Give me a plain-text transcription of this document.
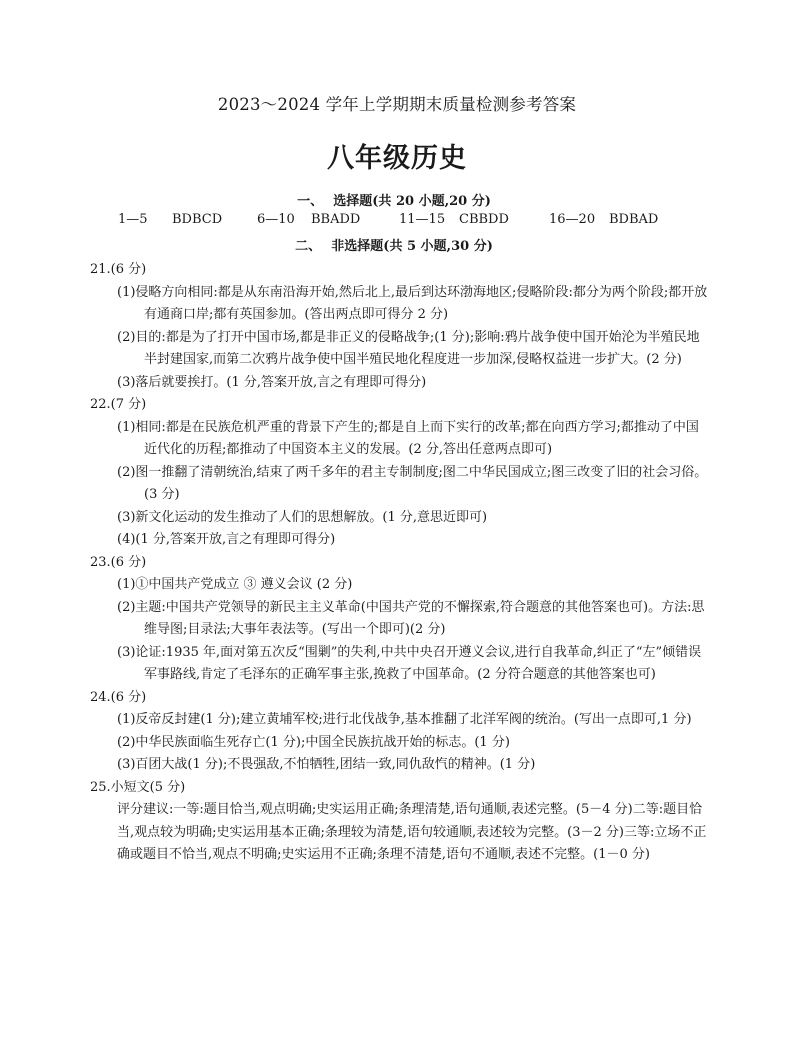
2023～2024 学年上学期期末质量检测参考答案
八年级历史
一、 选择题(共 20 小题,20 分)
1—5 BDBCD	6—10 BBADD	11—15 CBBDD	16—20 BDBAD
二、 非选择题(共 5 小题,30 分)

21.(6 分)

(1)侵略方向相同:都是从东南沿海开始,然后北上,最后到达环渤海地区;侵略阶段:都分为两个阶段;都开放有通商口岸;都有英国参加。(答出两点即可得分 2 分)

(2)目的:都是为了打开中国市场,都是非正义的侵略战争;(1 分);影响:鸦片战争使中国开始沦为半殖民地半封建国家,而第二次鸦片战争使中国半殖民地化程度进一步加深,侵略权益进一步扩大。(2 分)

(3)落后就要挨打。(1 分,答案开放,言之有理即可得分)

22.(7 分)

(1)相同:都是在民族危机严重的背景下产生的;都是自上而下实行的改革;都在向西方学习;都推动了中国近代化的历程;都推动了中国资本主义的发展。(2 分,答出任意两点即可)

(2)图一推翻了清朝统治,结束了两千多年的君主专制制度;图二中华民国成立;图三改变了旧的社会习俗。(3 分)

(3)新文化运动的发生推动了人们的思想解放。(1 分,意思近即可)

(4)(1 分,答案开放,言之有理即可得分)

23.(6 分)

(1)①中国共产党成立 ③ 遵义会议 (2 分)

(2)主题:中国共产党领导的新民主主义革命(中国共产党的不懈探索,符合题意的其他答案也可)。方法:思维导图;目录法;大事年表法等。(写出一个即可)(2 分)

(3)论证:1935 年,面对第五次反“围剿”的失利,中共中央召开遵义会议,进行自我革命,纠正了“左”倾错误军事路线,肯定了毛泽东的正确军事主张,挽救了中国革命。(2 分符合题意的其他答案也可)

24.(6 分)

(1)反帝反封建(1 分);建立黄埔军校;进行北伐战争,基本推翻了北洋军阀的统治。(写出一点即可,1 分)

(2)中华民族面临生死存亡(1 分);中国全民族抗战开始的标志。(1 分)

(3)百团大战(1 分);不畏强敌,不怕牺牲,团结一致,同仇敌忾的精神。(1 分)

25.小短文(5 分)

评分建议:一等:题目恰当,观点明确;史实运用正确;条理清楚,语句通顺,表述完整。(5－4 分)二等:题目恰当,观点较为明确;史实运用基本正确;条理较为清楚,语句较通顺,表述较为完整。(3－2 分)三等:立场不正确或题目不恰当,观点不明确;史实运用不正确;条理不清楚,语句不通顺,表述不完整。(1－0 分)
